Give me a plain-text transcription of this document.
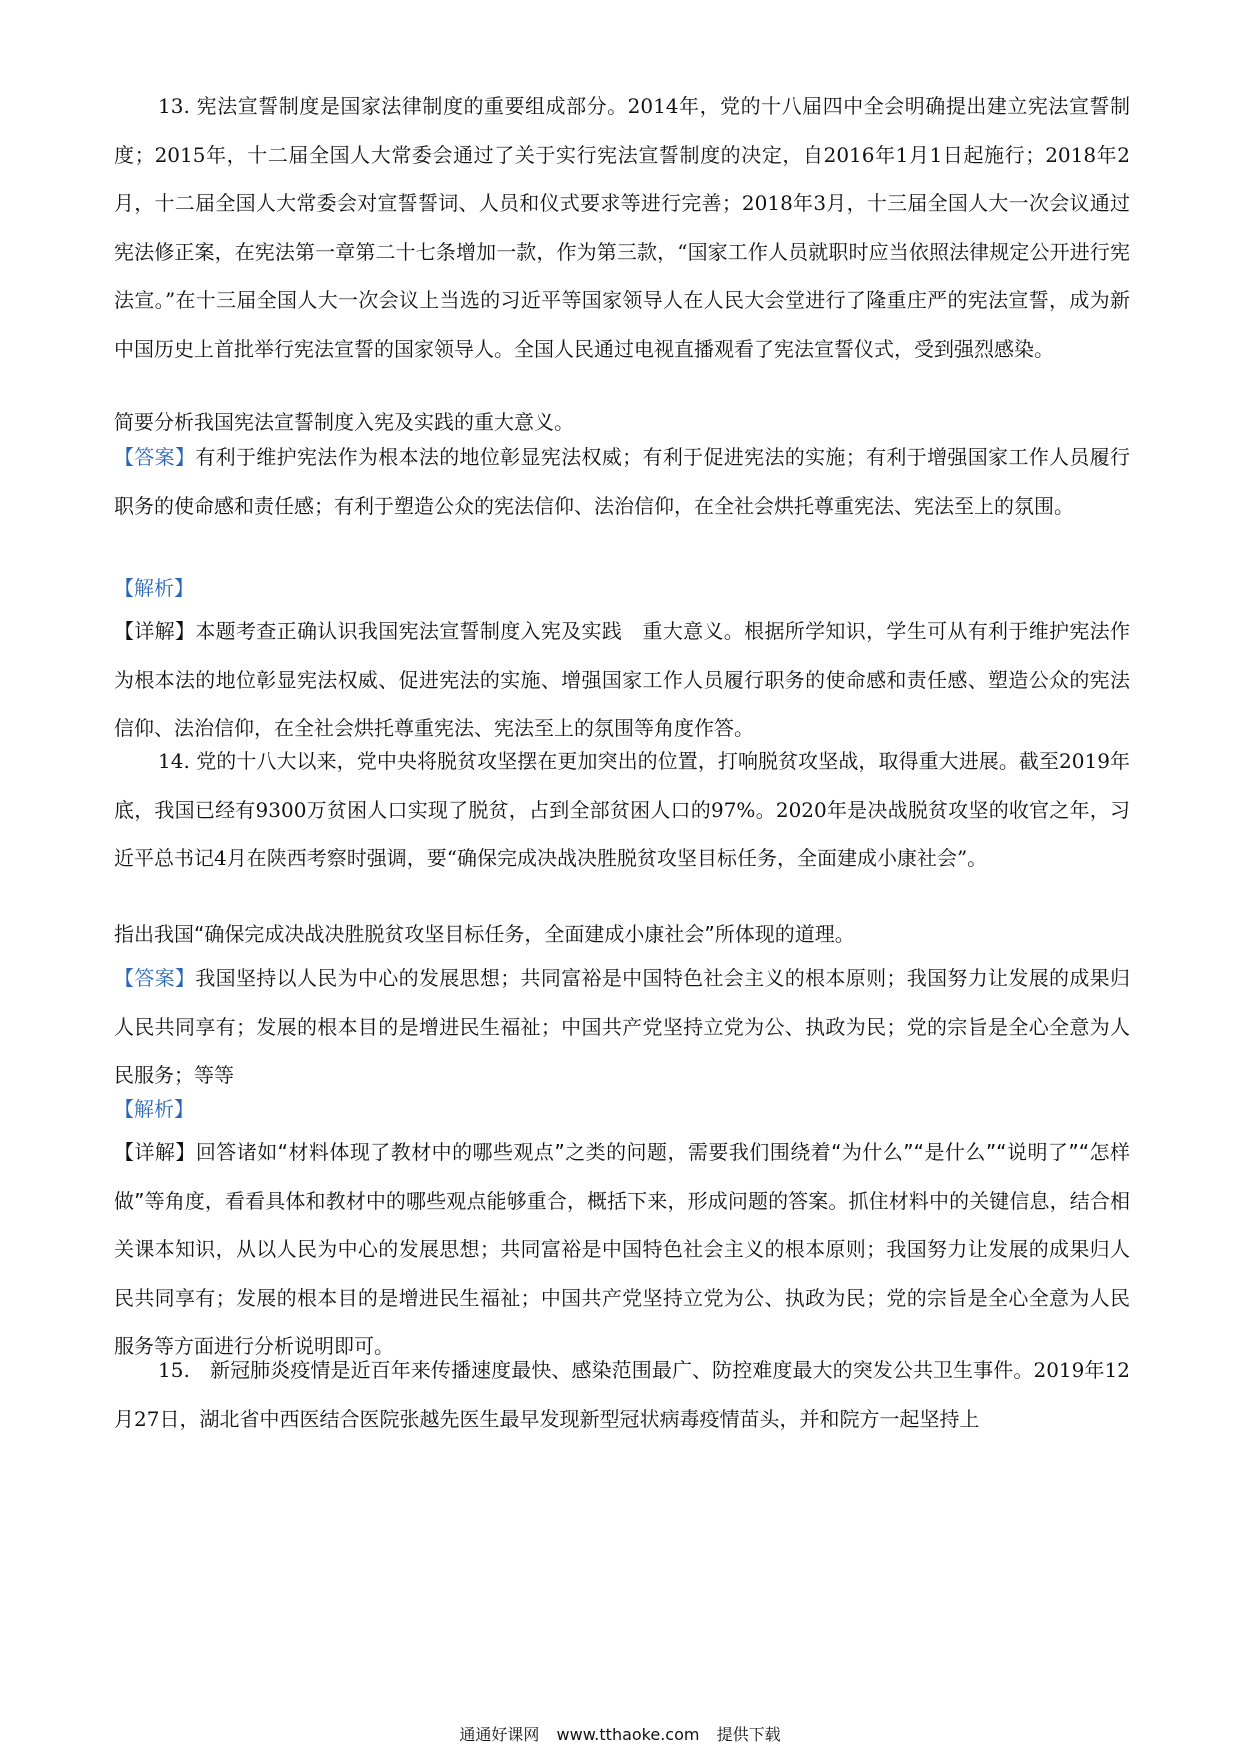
13. 宪法宣誓制度是国家法律制度的重要组成部分。2014年，党的十八届四中全会明确提出建立宪法宣誓制度；2015年，十二届全国人大常委会通过了关于实行宪法宣誓制度的决定，自2016年1月1日起施行；2018年2月，十二届全国人大常委会对宣誓誓词、人员和仪式要求等进行完善；2018年3月，十三届全国人大一次会议通过宪法修正案，在宪法第一章第二十七条增加一款，作为第三款，“国家工作人员就职时应当依照法律规定公开进行宪法宣。”在十三届全国人大一次会议上当选的习近平等国家领导人在人民大会堂进行了隆重庄严的宪法宣誓，成为新中国历史上首批举行宪法宣誓的国家领导人。全国人民通过电视直播观看了宪法宣誓仪式，受到强烈感染。
简要分析我国宪法宣誓制度入宪及实践的重大意义。
【答案】有利于维护宪法作为根本法的地位彰显宪法权威；有利于促进宪法的实施；有利于增强国家工作人员履行职务的使命感和责任感；有利于塑造公众的宪法信仰、法治信仰，在全社会烘托尊重宪法、宪法至上的氛围。
【解析】
【详解】本题考查正确认识我国宪法宣誓制度入宪及实践　重大意义。根据所学知识，学生可从有利于维护宪法作为根本法的地位彰显宪法权威、促进宪法的实施、增强国家工作人员履行职务的使命感和责任感、塑造公众的宪法信仰、法治信仰，在全社会烘托尊重宪法、宪法至上的氛围等角度作答。
14. 党的十八大以来，党中央将脱贫攻坚摆在更加突出的位置，打响脱贫攻坚战，取得重大进展。截至2019年底，我国已经有9300万贫困人口实现了脱贫，占到全部贫困人口的97%。2020年是决战脱贫攻坚的收官之年，习近平总书记4月在陕西考察时强调，要“确保完成决战决胜脱贫攻坚目标任务，全面建成小康社会”。
指出我国“确保完成决战决胜脱贫攻坚目标任务，全面建成小康社会”所体现的道理。
【答案】我国坚持以人民为中心的发展思想；共同富裕是中国特色社会主义的根本原则；我国努力让发展的成果归人民共同享有；发展的根本目的是增进民生福祉；中国共产党坚持立党为公、执政为民；党的宗旨是全心全意为人民服务；等等
【解析】
【详解】回答诸如“材料体现了教材中的哪些观点”之类的问题，需要我们围绕着“为什么”“是什么”“说明了”“怎样做”等角度，看看具体和教材中的哪些观点能够重合，概括下来，形成问题的答案。抓住材料中的关键信息，结合相关课本知识，从以人民为中心的发展思想；共同富裕是中国特色社会主义的根本原则；我国努力让发展的成果归人民共同享有；发展的根本目的是增进民生福祉；中国共产党坚持立党为公、执政为民；党的宗旨是全心全意为人民服务等方面进行分析说明即可。
15.　新冠肺炎疫情是近百年来传播速度最快、感染范围最广、防控难度最大的突发公共卫生事件。2019年12月27日，湖北省中西医结合医院张越先医生最早发现新型冠状病毒疫情苗头，并和院方一起坚持上
通通好课网 www.tthaoke.com 提供下载
